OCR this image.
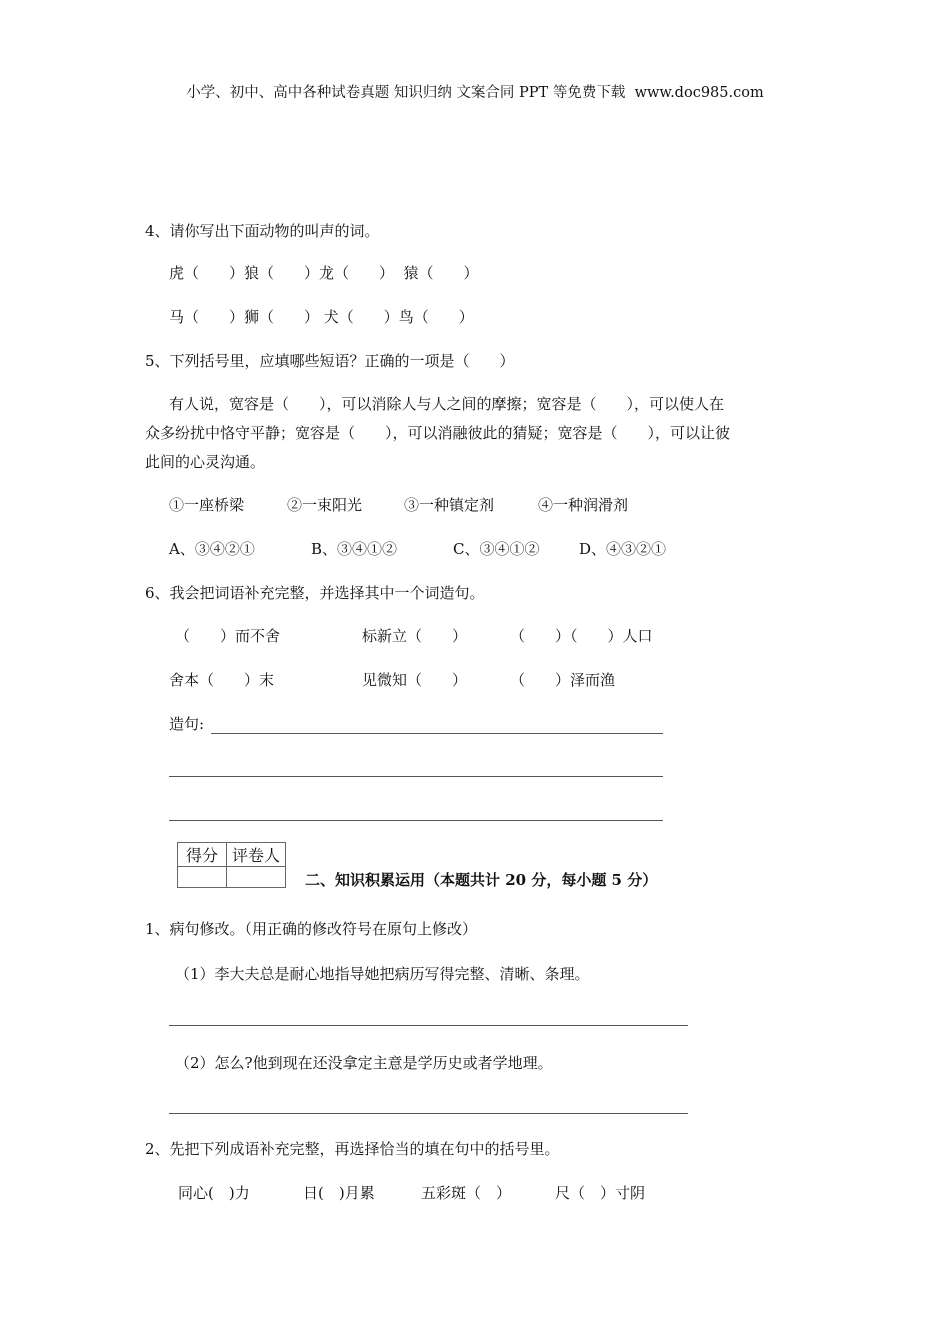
小学、初中、高中各种试卷真题 知识归纳 文案合同 PPT 等免费下载 www.doc985.com

4、请你写出下面动物的叫声的词。
虎（　　）狼（　　）龙（　　）  猿（　　）
马（　　）狮（　　） 犬（　　）鸟（　　）
5、下列括号里，应填哪些短语？正确的一项是（　　）
有人说，宽容是（　　），可以消除人与人之间的摩擦；宽容是（　　），可以使人在
众多纷扰中恪守平静；宽容是（　　），可以消融彼此的猜疑；宽容是（　　），可以让彼
此间的心灵沟通。
①一座桥梁	②一束阳光	③一种镇定剂	④一种润滑剂
A、③④②①	B、③④①②	C、③④①②	D、④③②①
6、我会把词语补充完整，并选择其中一个词造句。
（　　）而不舍	标新立（　　）	（　　）（　　）人口
舍本（　　）末	见微知（　　）	（　　）泽而渔
造句:
得分	评卷人

二、知识积累运用（本题共计 20 分，每小题 5 分）
1、病句修改。（用正确的修改符号在原句上修改）
（1）李大夫总是耐心地指导她把病历写得完整、清晰、条理。
（2）怎么?他到现在还没拿定主意是学历史或者学地理。
2、先把下列成语补充完整，再选择恰当的填在句中的括号里。
同心(　)力	日(　)月累	五彩斑（　）	尺（　）寸阴
